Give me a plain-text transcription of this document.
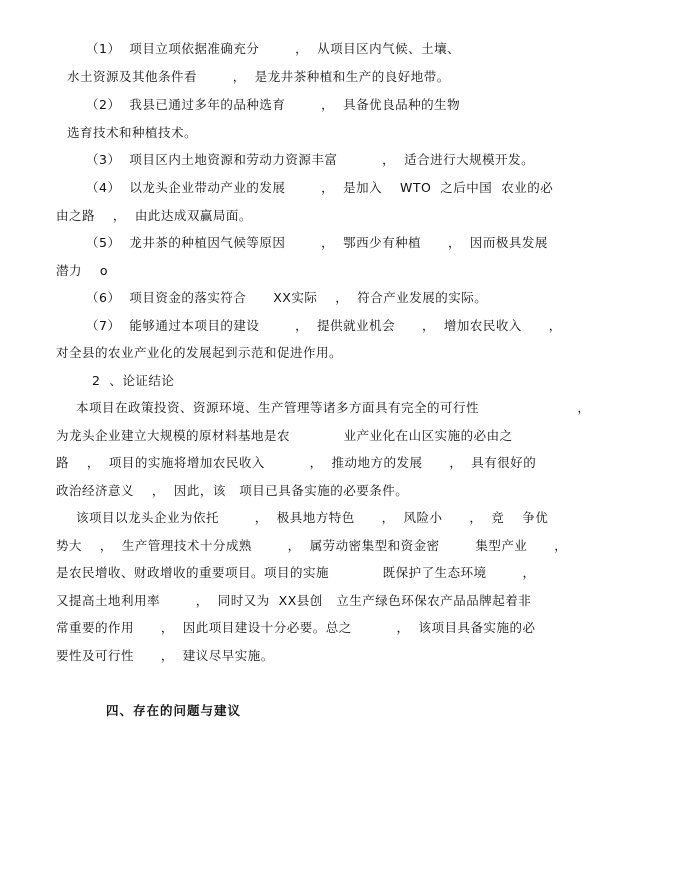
（1）  项目立项依据准确充分        ，  从项目区内气候、土壤、
水土资源及其他条件看        ，  是龙井茶种植和生产的良好地带。
（2）  我县已通过多年的品种选育        ，  具备优良品种的生物
选育技术和种植技术。
（3）  项目区内土地资源和劳动力资源丰富          ，  适合进行大规模开发。
（4）  以龙头企业带动产业的发展        ，  是加入    WTO  之后中国  农业的必
由之路    ，  由此达成双赢局面。
（5）  龙井茶的种植因气候等原因        ，  鄂西少有种植      ，  因而极具发展
潜力    o
（6）  项目资金的落实符合      XX实际    ，  符合产业发展的实际。
（7）  能够通过本项目的建设        ，  提供就业机会      ，  增加农民收入      ，
对全县的农业产业化的发展起到示范和促进作用。
2  、论证结论
本项目在政策投资、资源环境、生产管理等诸多方面具有完全的可行性                      ，
为龙头企业建立大规模的原材料基地是农            业产业化在山区实施的必由之
路    ，  项目的实施将增加农民收入          ，  推动地方的发展      ，  具有很好的
政治经济意义    ，  因此，该   项目已具备实施的必要条件。
该项目以龙头企业为依托        ，  极具地方特色      ，  风险小      ，  竞    争优
势大    ，  生产管理技术十分成熟        ，  属劳动密集型和资金密        集型产业      ，
是农民增收、财政增收的重要项目。项目的实施            既保护了生态环境        ，
又提高土地利用率        ，  同时又为  XX县创   立生产绿色环保农产品品牌起着非
常重要的作用      ，  因此项目建设十分必要。总之          ，  该项目具备实施的必
要性及可行性      ，  建议尽早实施。
四、存在的问题与建议
